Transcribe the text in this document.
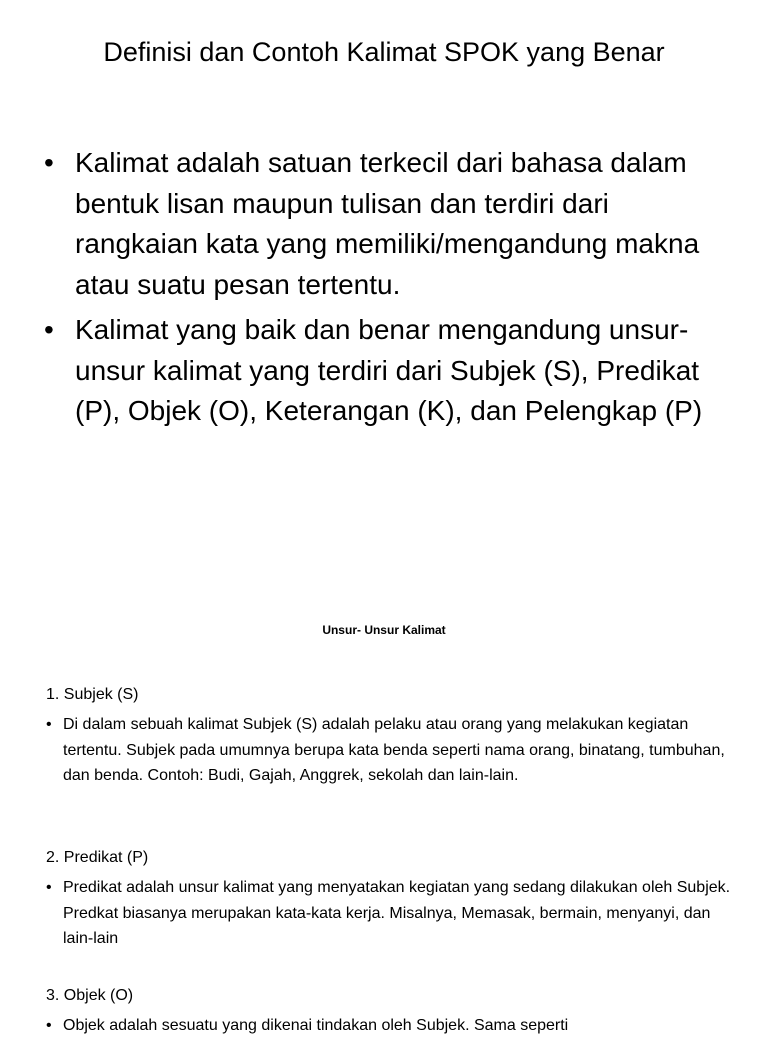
Definisi dan Contoh Kalimat SPOK yang Benar
• Kalimat adalah satuan terkecil dari bahasa dalam bentuk lisan maupun tulisan dan terdiri dari rangkaian kata yang memiliki/mengandung makna atau suatu pesan tertentu.
• Kalimat yang baik dan benar mengandung unsur-unsur kalimat yang terdiri dari Subjek (S), Predikat (P), Objek (O), Keterangan (K), dan Pelengkap (P)
Unsur- Unsur Kalimat
1. Subjek (S)
• Di dalam sebuah kalimat Subjek (S) adalah pelaku atau orang yang melakukan kegiatan tertentu. Subjek pada umumnya berupa kata benda seperti nama orang, binatang, tumbuhan, dan benda. Contoh: Budi, Gajah, Anggrek, sekolah dan lain-lain.
2. Predikat (P)
• Predikat adalah unsur kalimat yang menyatakan kegiatan yang sedang dilakukan oleh Subjek. Predkat biasanya merupakan kata-kata kerja. Misalnya, Memasak, bermain, menyanyi, dan lain-lain
3. Objek (O)
• Objek adalah sesuatu yang dikenai tindakan oleh Subjek. Sama seperti
